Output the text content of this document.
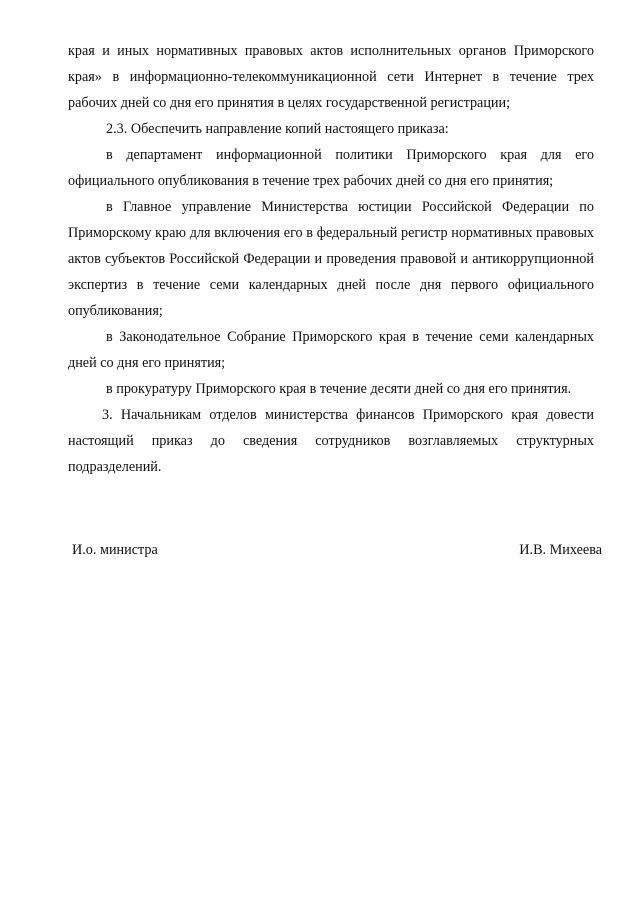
края и иных нормативных правовых актов исполнительных органов Приморского края» в информационно-телекоммуникационной сети Интернет в течение трех рабочих дней со дня его принятия в целях государственной регистрации;

2.3. Обеспечить направление копий настоящего приказа:

в департамент информационной политики Приморского края для его официального опубликования в течение трех рабочих дней со дня его принятия;

в Главное управление Министерства юстиции Российской Федерации по Приморскому краю для включения его в федеральный регистр нормативных правовых актов субъектов Российской Федерации и проведения правовой и антикоррупционной экспертиз в течение семи календарных дней после дня первого официального опубликования;

в Законодательное Собрание Приморского края в течение семи календарных дней со дня его принятия;

в прокуратуру Приморского края в течение десяти дней со дня его принятия.

3. Начальникам отделов министерства финансов Приморского края довести настоящий приказ до сведения сотрудников возглавляемых структурных подразделений.

И.о. министра	И.В. Михеева
